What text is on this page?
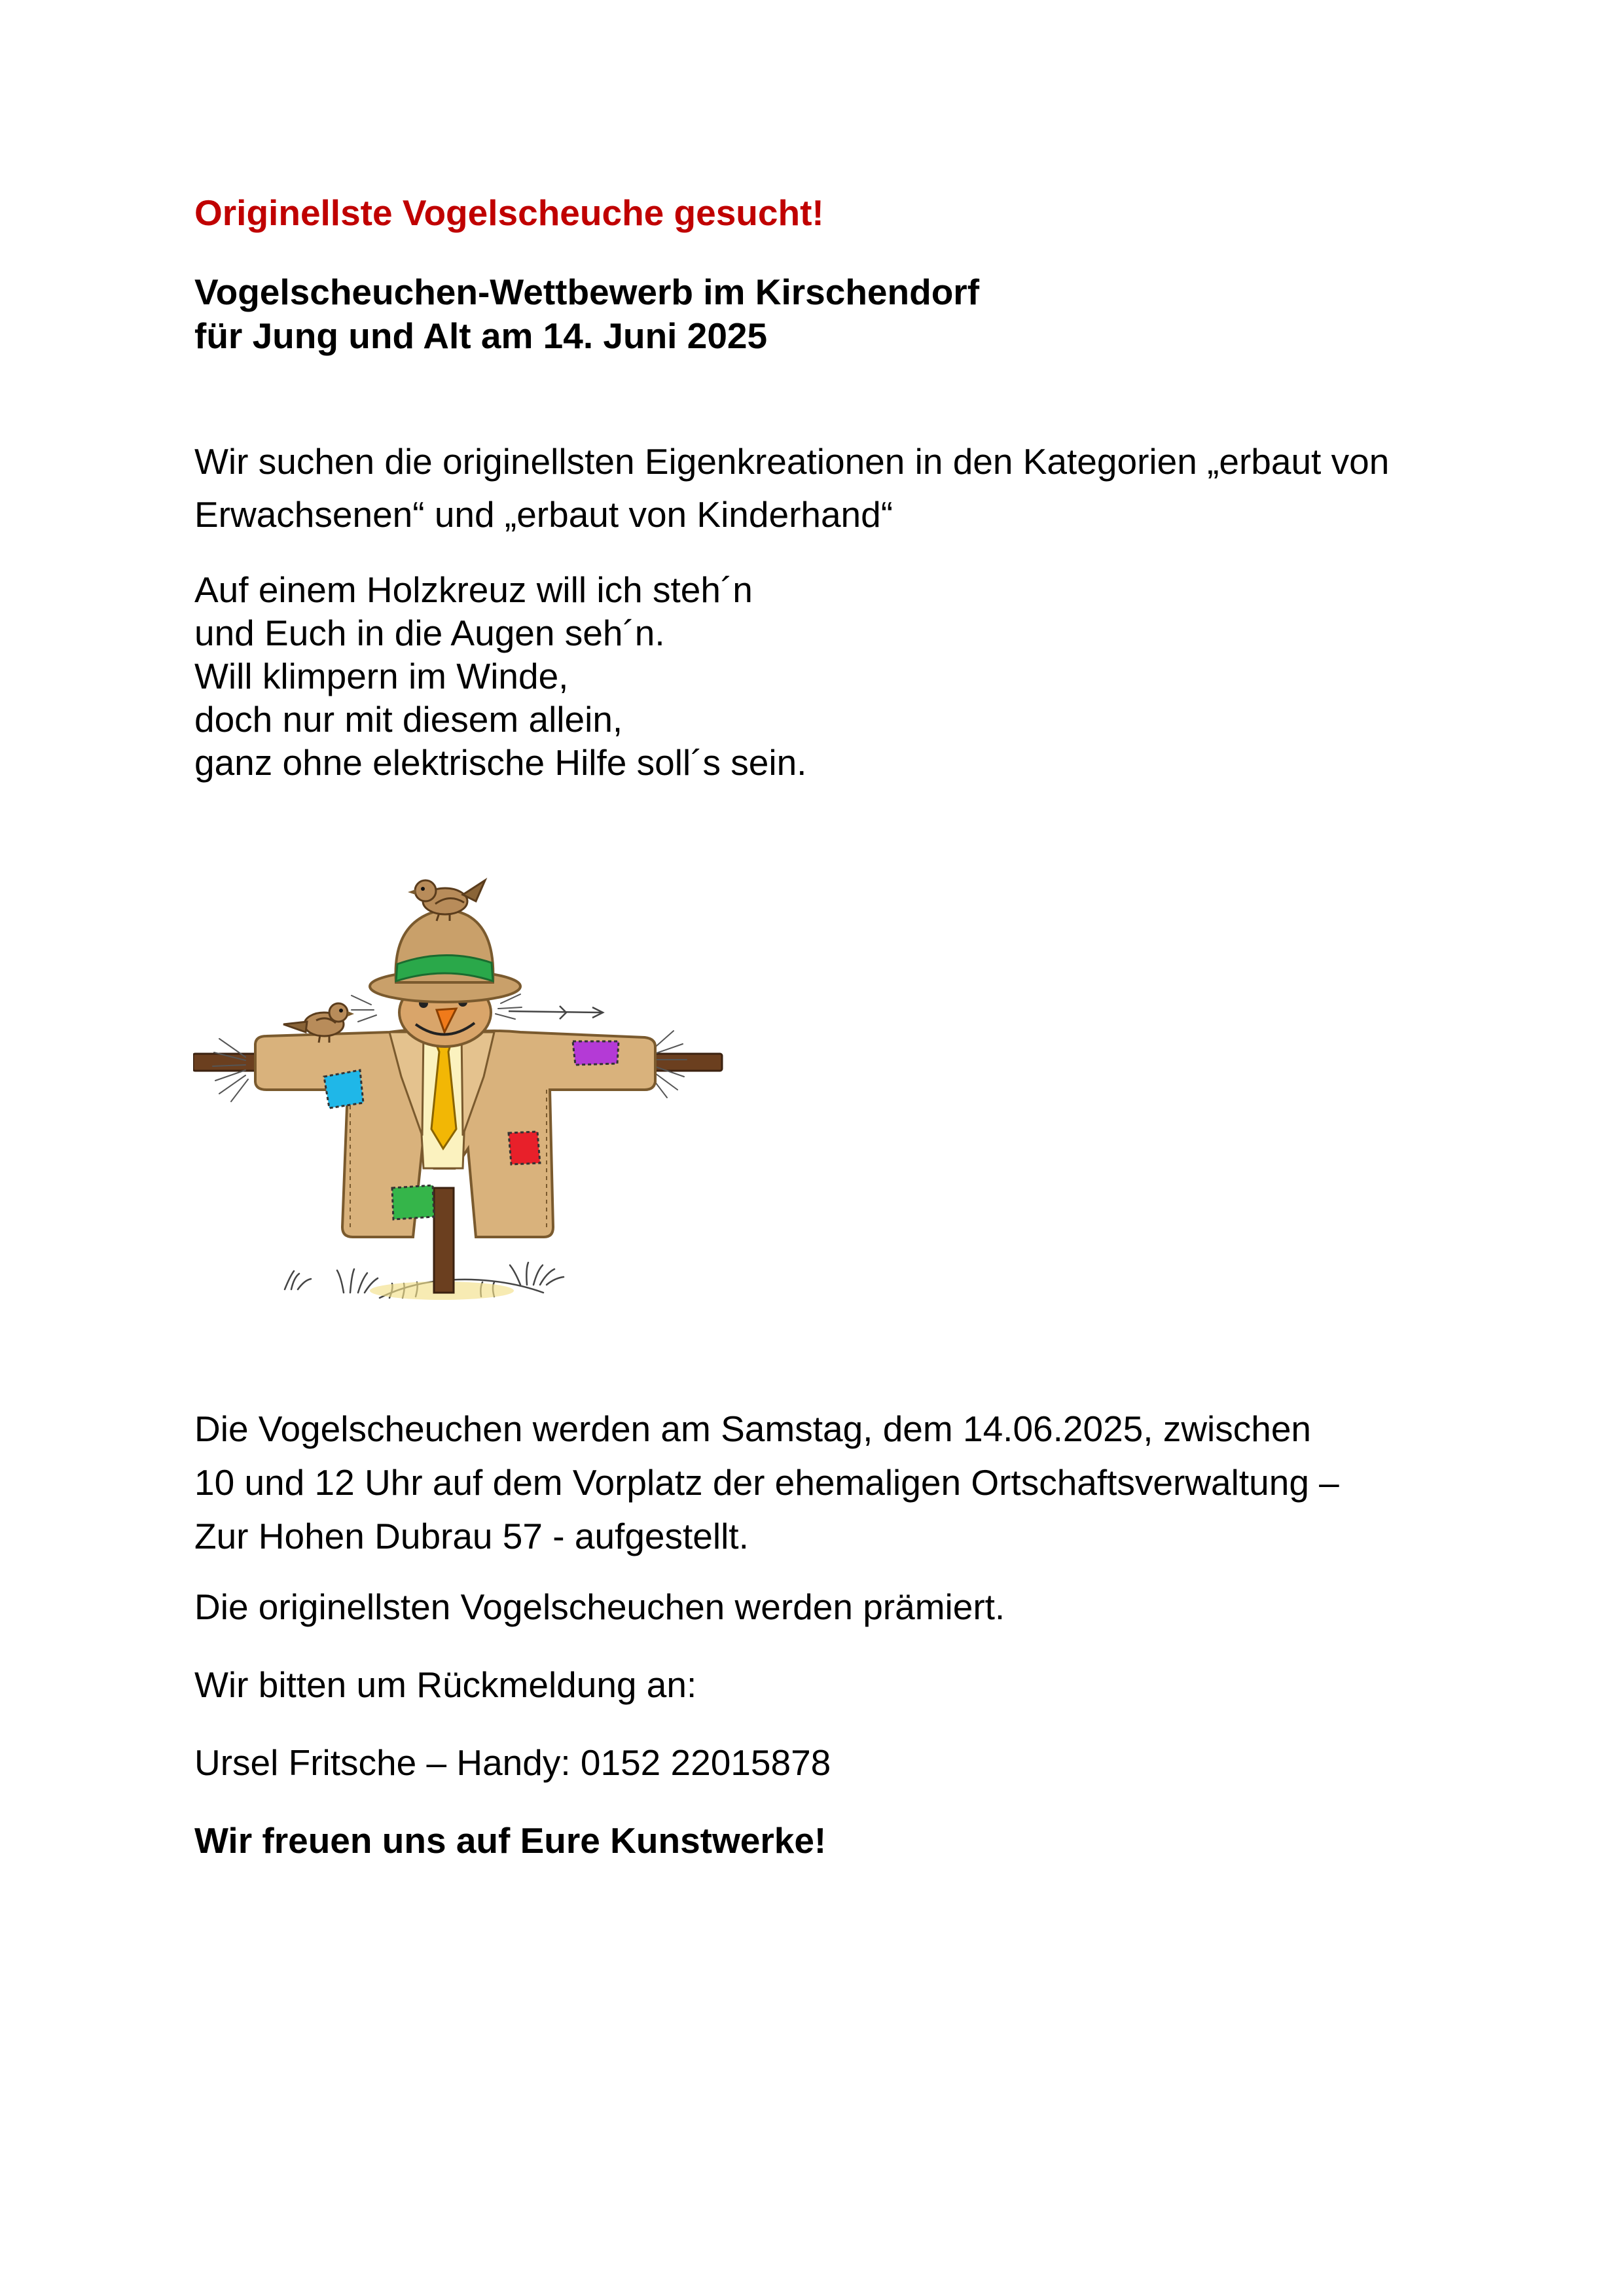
Originellste Vogelscheuche gesucht!
Vogelscheuchen-Wettbewerb im Kirschendorf
für Jung und Alt am 14. Juni 2025

Wir suchen die originellsten Eigenkreationen in den Kategorien „erbaut von Erwachsenen“ und „erbaut von Kinderhand“

Auf einem Holzkreuz will ich steh´n
und Euch in die Augen seh´n.
Will klimpern im Winde,
doch nur mit diesem allein,
ganz ohne elektrische Hilfe soll´s sein.
Die Vogelscheuchen werden am Samstag, dem 14.06.2025, zwischen
10 und 12 Uhr auf dem Vorplatz der ehemaligen Ortschaftsverwaltung –
Zur Hohen Dubrau 57 - aufgestellt.

Die originellsten Vogelscheuchen werden prämiert.

Wir bitten um Rückmeldung an:

Ursel Fritsche – Handy: 0152 22015878

Wir freuen uns auf Eure Kunstwerke!
